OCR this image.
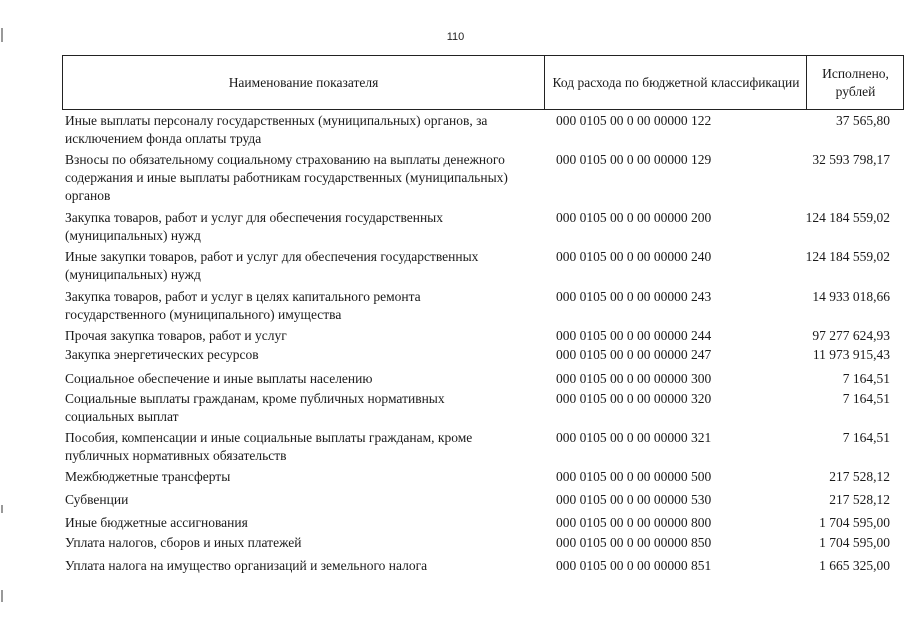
110
Наименование показателя	Код расхода по бюджетной классификации
Исполнено, рублей
Иные выплаты персоналу государственных (муниципальных) органов, за исключением фонда оплаты труда
000 0105 00 0 00 00000 122	37 565,80
Взносы по обязательному социальному страхованию на выплаты денежного содержания и иные выплаты работникам государственных (муниципальных) органов
000 0105 00 0 00 00000 129	32 593 798,17
Закупка товаров, работ и услуг для обеспечения государственных (муниципальных) нужд
000 0105 00 0 00 00000 200	124 184 559,02
Иные закупки товаров, работ и услуг для обеспечения государственных (муниципальных) нужд
000 0105 00 0 00 00000 240	124 184 559,02
Закупка товаров, работ и услуг в целях капитального ремонта государственного (муниципального) имущества
000 0105 00 0 00 00000 243	14 933 018,66
Прочая закупка товаров, работ и услуг	000 0105 00 0 00 00000 244	97 277 624,93
Закупка энергетических ресурсов	000 0105 00 0 00 00000 247	11 973 915,43
Социальное обеспечение и иные выплаты населению	000 0105 00 0 00 00000 300	7 164,51
Социальные выплаты гражданам, кроме публичных нормативных социальных выплат
000 0105 00 0 00 00000 320	7 164,51
Пособия, компенсации и иные социальные выплаты гражданам, кроме публичных нормативных обязательств
000 0105 00 0 00 00000 321	7 164,51
Межбюджетные трансферты	000 0105 00 0 00 00000 500	217 528,12
Субвенции	000 0105 00 0 00 00000 530	217 528,12
Иные бюджетные ассигнования	000 0105 00 0 00 00000 800	1 704 595,00
Уплата налогов, сборов и иных платежей	000 0105 00 0 00 00000 850	1 704 595,00
Уплата налога на имущество организаций и земельного налога	000 0105 00 0 00 00000 851	1 665 325,00
